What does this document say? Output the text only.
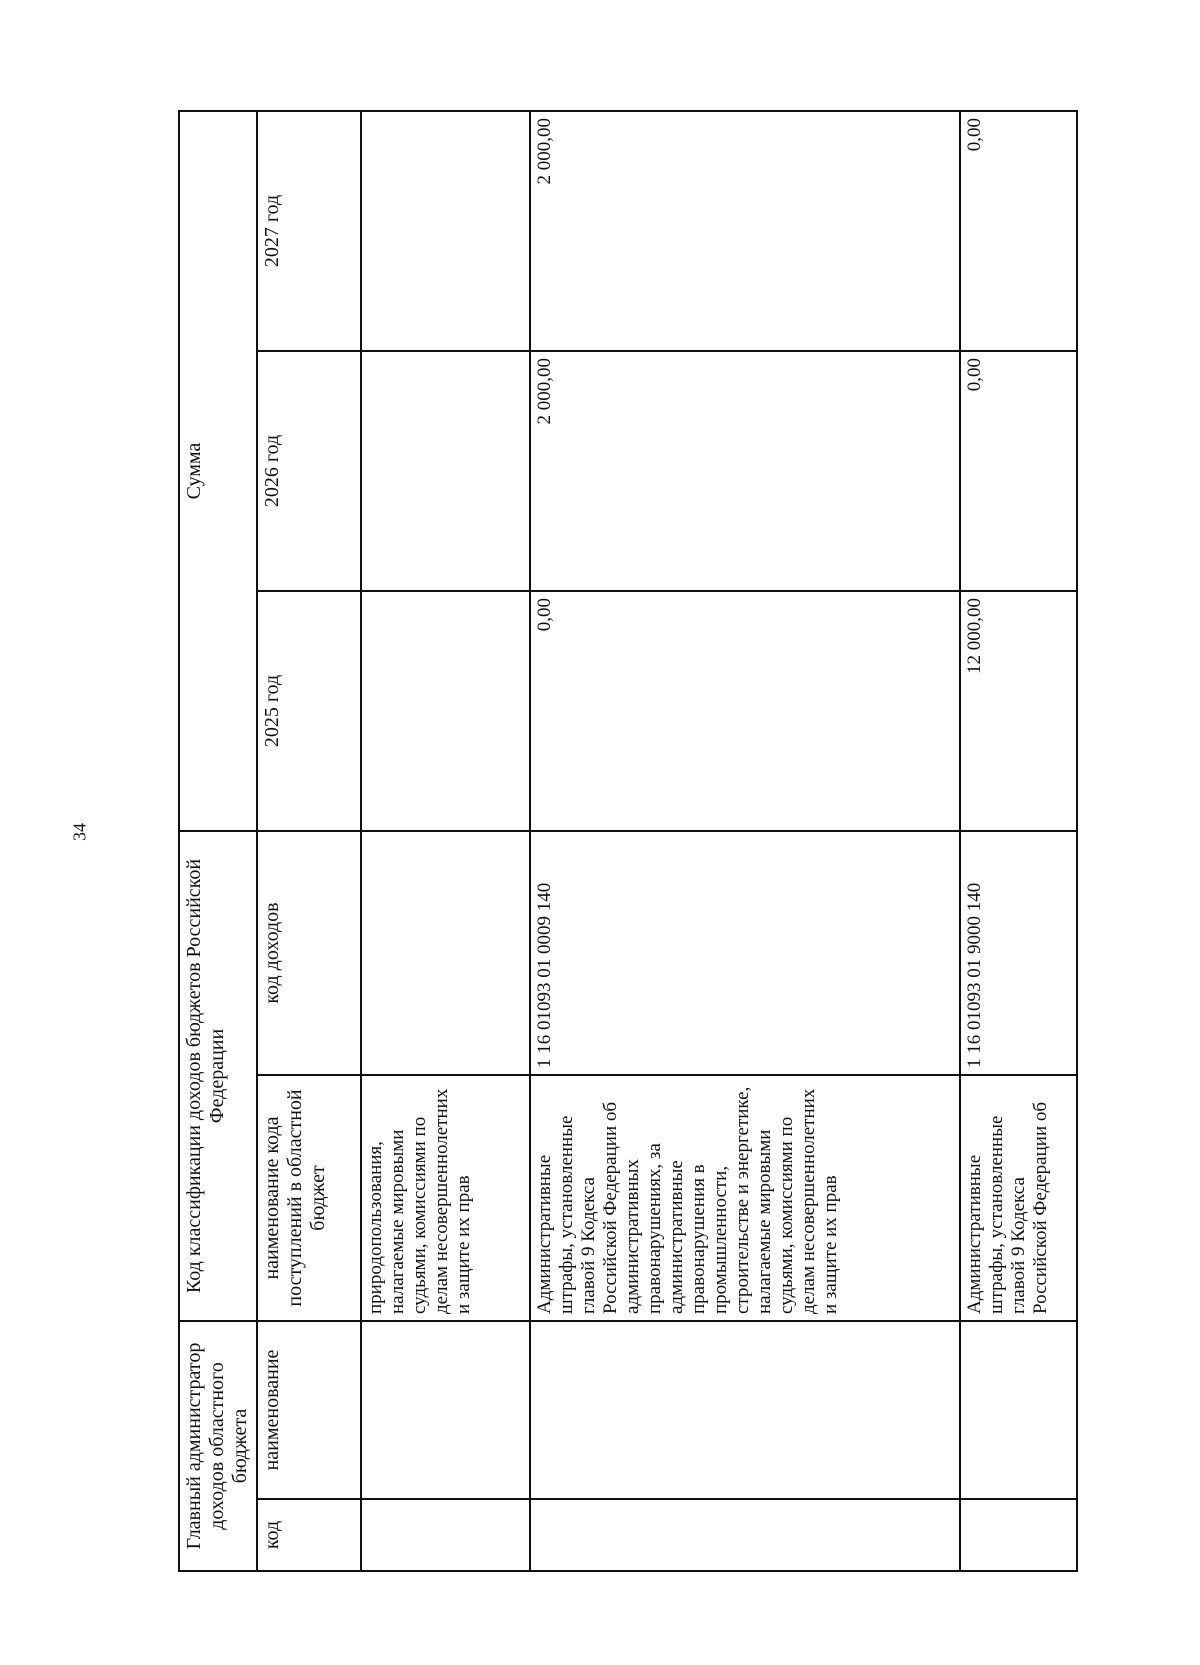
34
Главный администратор доходов областного бюджета		Код классификации доходов бюджетов Российской Федерации		Сумма		
код	наименование	наименование кода поступлений в областной бюджет	код доходов	2025 год	2026 год	2027 год
		природопользования, налагаемые мировыми судьями, комиссиями по делам несовершеннолетних и защите их прав				
		Административные штрафы, установленные главой 9 Кодекса Российской Федерации об административных правонарушениях, за административные правонарушения в промышленности, строительстве и энергетике, налагаемые мировыми судьями, комиссиями по делам несовершеннолетних и защите их прав	1 16 01093 01 0009 140	0,00	2 000,00	2 000,00
		Административные штрафы, установленные главой 9 Кодекса Российской Федерации об	1 16 01093 01 9000 140	12 000,00	0,00	0,00
